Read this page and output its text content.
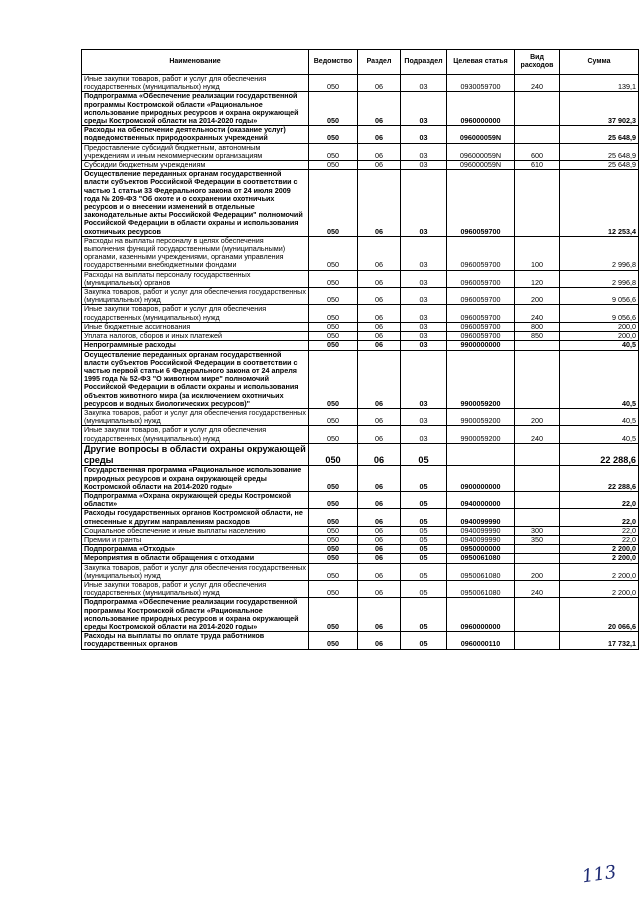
Наименование	Ведомство	Раздел	Подраздел	Целевая статья	Вид расходов	Сумма
Иные закупки товаров, работ и услуг для обеспечения государственных (муниципальных) нужд	050	06	03	0930059700	240	139,1
Подпрограмма «Обеспечение реализации государственной программы Костромской области «Рациональное использование природных ресурсов и охрана окружающей среды Костромской области на 2014-2020 годы»	050	06	03	0960000000		37 902,3
Расходы на обеспечение деятельности (оказание услуг) подведомственных природоохранных учреждений	050	06	03	096000059N		25 648,9
Предоставление субсидий бюджетным, автономным учреждениям и иным некоммерческим организациям	050	06	03	096000059N	600	25 648,9
Субсидии бюджетным учреждениям	050	06	03	096000059N	610	25 648,9
Осуществление переданных органам государственной власти субъектов Российской Федерации в соответствии с частью 1 статьи 33 Федерального закона от 24 июля 2009 года № 209-ФЗ "Об охоте и о сохранении охотничьих ресурсов и о внесении изменений в отдельные законодательные акты Российской Федерации" полномочий Российской Федерации в области охраны и использования охотничьих ресурсов	050	06	03	0960059700		12 253,4
Расходы на выплаты персоналу в целях обеспечения выполнения функций государственными (муниципальными) органами, казенными учреждениями, органами управления государственными внебюджетными фондами	050	06	03	0960059700	100	2 996,8
Расходы на выплаты персоналу государственных (муниципальных) органов	050	06	03	0960059700	120	2 996,8
Закупка товаров, работ и услуг для обеспечения государственных (муниципальных) нужд	050	06	03	0960059700	200	9 056,6
Иные закупки товаров, работ и услуг для обеспечения государственных (муниципальных) нужд	050	06	03	0960059700	240	9 056,6
Иные бюджетные ассигнования	050	06	03	0960059700	800	200,0
Уплата налогов, сборов и иных платежей	050	06	03	0960059700	850	200,0
Непрограммные расходы	050	06	03	9900000000		40,5
Осуществление переданных органам государственной власти субъектов Российской Федерации в соответствии с частью первой статьи 6 Федерального закона от 24 апреля 1995 года № 52-ФЗ "О животном мире" полномочий Российской Федерации в области охраны и использования объектов животного мира (за исключением охотничьих ресурсов и водных биологических ресурсов)"	050	06	03	9900059200		40,5
Закупка товаров, работ и услуг для обеспечения государственных (муниципальных) нужд	050	06	03	9900059200	200	40,5
Иные закупки товаров, работ и услуг для обеспечения государственных (муниципальных) нужд	050	06	03	9900059200	240	40,5
Другие вопросы в области охраны окружающей среды	050	06	05			22 288,6
Государственная программа «Рациональное использование природных ресурсов и охрана окружающей среды Костромской области на 2014-2020 годы»	050	06	05	0900000000		22 288,6
Подпрограмма «Охрана окружающей среды Костромской области»	050	06	05	0940000000		22,0
Расходы государственных органов Костромской области, не отнесенные к другим направлениям расходов	050	06	05	0940099990		22,0
Социальное обеспечение и иные выплаты населению	050	06	05	0940099990	300	22,0
Премии и гранты	050	06	05	0940099990	350	22,0
Подпрограмма «Отходы»	050	06	05	0950000000		2 200,0
Мероприятия в области обращения с отходами	050	06	05	0950061080		2 200,0
Закупка товаров, работ и услуг для обеспечения государственных (муниципальных) нужд	050	06	05	0950061080	200	2 200,0
Иные закупки товаров, работ и услуг для обеспечения государственных (муниципальных) нужд	050	06	05	0950061080	240	2 200,0
Подпрограмма «Обеспечение реализации государственной программы Костромской области «Рациональное использование природных ресурсов и охрана окружающей среды Костромской области на 2014-2020 годы»	050	06	05	0960000000		20 066,6
Расходы на выплаты по оплате труда работников государственных органов	050	06	05	0960000110		17 732,1
113
